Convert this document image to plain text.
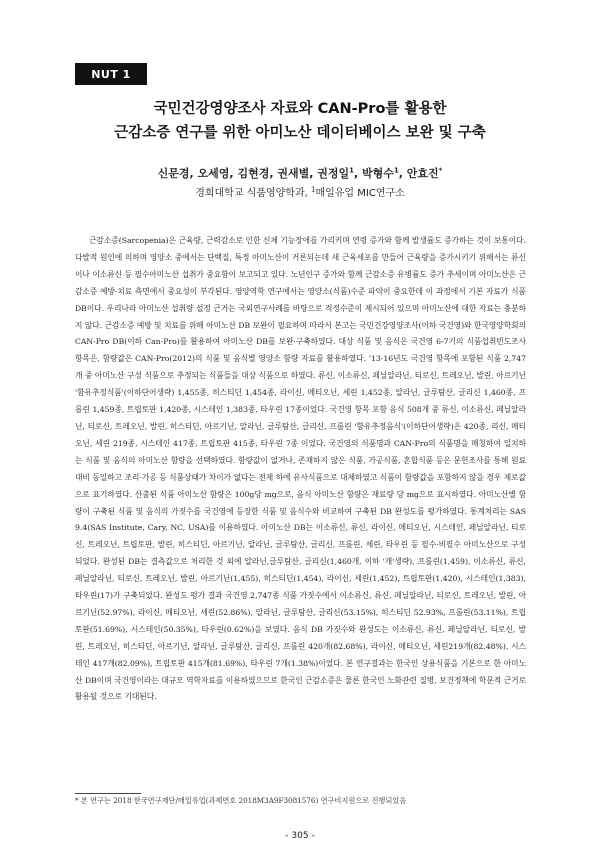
NUT 1
국민건강영양조사 자료와 CAN-Pro를 활용한
근감소증 연구를 위한 아미노산 데이터베이스 보완 및 구축
신문경, 오세영, 김현경, 권새별, 권정일$^1$, 박형수$^1$, 안효진*
경희대학교 식품영양학과, $^1$매일유업 MIC연구소
근감소증(Sarcopenia)은 근육량, 근력감소로 인한 신체 기능장애를 가리키며 연령 증가와 함께 발생률도 증가하는 것이 보통이다. 다발적 원인에 의하며 영양소 중에서는 단백질, 특정 아미노산이 거론되는데 새 근육세포를 만들어 근육량을 증가시키기 위해서는 류신이나 이소류신 등 필수아미노산 섭취가 중요함이 보고되고 있다. 노년인구 증가와 함께 근감소증 유병률도 증가 추세이며 아미노산은 근감소증 예방·치료 측면에서 중요성이 부각된다. 영양역학 연구에서는 영양소(식품)수준 파악이 중요한데 이 과정에서 기본 자료가 식품 DB이다. 우리나라 아미노산 섭취량 설정 근거는 국외연구사례를 바탕으로 적정수준이 제시되어 있으며 아미노산에 대한 자료는 충분하지 않다. 근감소증 예방 및 치료를 위해 아미노산 DB 보완이 필요하며 따라서 본고는 국민건강영양조사(이하 국건영)와 한국영양학회의 CAN-Pro DB(이하 Can-Pro)를 활용하여 아미노산 DB를 보완·구축하였다. 대상 식품 및 음식은 국건영 6-7기의 식품섭취빈도조사 항목은, 함량값은 CAN-Pro(2012)의 식품 및 음식별 영양소 함량 자료를 활용하였다. '13-16년도 국건영 항목에 포함된 식품 2,747개 중 아미노산 구성 식품으로 추정되는 식품들을 대상 식품으로 하였다. 류신, 이소류신, 페닐알라닌, 티로신, 트레오닌, 발린, 아르기닌 '함유추정식품'(이하단어생략) 1,455종, 히스티딘 1,454종, 라이신, 메티오닌, 세린 1,452종, 알라닌, 글루탐산, 글리신 1,460종, 프롤린 1,459종, 트립토판 1,420종, 시스테인 1,383종, 타우린 17종이었다. 국건영 항목 포함 음식 508개 중 류신, 이소류신, 페닐알라닌, 티로신, 트레오닌, 발린, 히스티딘, 아르기닌, 알라닌, 글루탐산, 글리신, 프롤린 '함유추정음식'(이하단어생략)은 420종, 리신, 메티오닌, 세린 219종, 시스테인 417종, 트립토판 415종, 타우린 7종 이었다. 국건영의 식품명과 CAN-Pro의 식품명을 매칭하여 일치하는 식품 및 음식의 아미노산 함량을 선택하였다. 함량값이 없거나, 존재하지 않은 식품, 가공식품, 혼합식품 등은 문헌조사를 통해 원료대비 동일하고 조리·가공 등 식품상태가 차이가 없다는 전제 하에 유사식품으로 대체하였고 식품이 함량값을 포함하지 않을 경우 제로값으로 표기하였다. 산출된 식품 아미노산 함량은 100g당 mg으로, 음식 아미노산 함량은 재료량 당 mg으로 표시하였다. 아미노산별 함량이 구축된 식품 및 음식의 가짓수를 국건영에 등장한 식품 및 음식수와 비교하여 구축된 DB 완성도를 평가하였다. 통계처리는 SAS 9.4(SAS Institute, Cary, NC, USA)를 이용하였다. 아미노산 DB는 이소류신, 류신, 라이신, 메티오닌, 시스테인, 페닐알라닌, 티로신, 트레오닌, 트립토판, 발린, 히스티딘, 아르기닌, 알라닌, 글루탐산, 글리신, 프롤린, 세린, 타우린 등 필수·비필수 아미노산으로 구성되었다. 완성된 DB는 결측값으로 처리한 것 외에 알라닌,글루탐산, 글리신(1,460개, 이하 '개'생략), 프롤린(1,459), 이소류신, 류신, 페닐알라닌, 티로신, 트레오닌, 발린, 아르기닌(1,455), 히스티딘(1,454), 라이신, 세린(1,452), 트립토판(1,420), 시스테인(1,383), 타우린(17)가 구축되었다. 완성도 평가 결과 국건영 2,747종 식품 가짓수에서 이소류신, 류신, 페닐알라닌, 티로신, 트레오닌, 발린, 아르기닌(52.97%), 라이신, 메티오닌, 세린(52.86%), 알라닌, 글루탐산, 글리신(53.15%), 히스티딘 52.93%, 프롤린(53.11%), 트립토판(51.69%), 시스테인(50.35%), 타우린(0.62%)을 보였다. 음식 DB 가짓수와 완성도는 이소류신, 류신, 페닐알라닌, 티로신, 발린, 트레오닌, 히스티딘, 아르기닌, 알라닌, 글루탐산, 글리신, 프롤린 420개(82.68%), 라이신, 메티오닌, 세린219개(82.48%), 시스테인 417개(82.09%), 트립토판 415개(81.69%), 타우린 7개(1.38%)이었다. 본 연구결과는 한국인 상용식품을 기본으로 한 아미노산 DB이며 국건영이라는 대규모 역학자료를 이용하였으므로 한국인 근감소증은 물론 한국인 노화관련 질병, 보건정책에 학문적 근거로 활용될 것으로 기대된다.
* 본 연구는 2018 한국연구재단/매일유업(과제번호 2018M3A9F3081576) 연구비지원으로 진행되었음
- 305 -
